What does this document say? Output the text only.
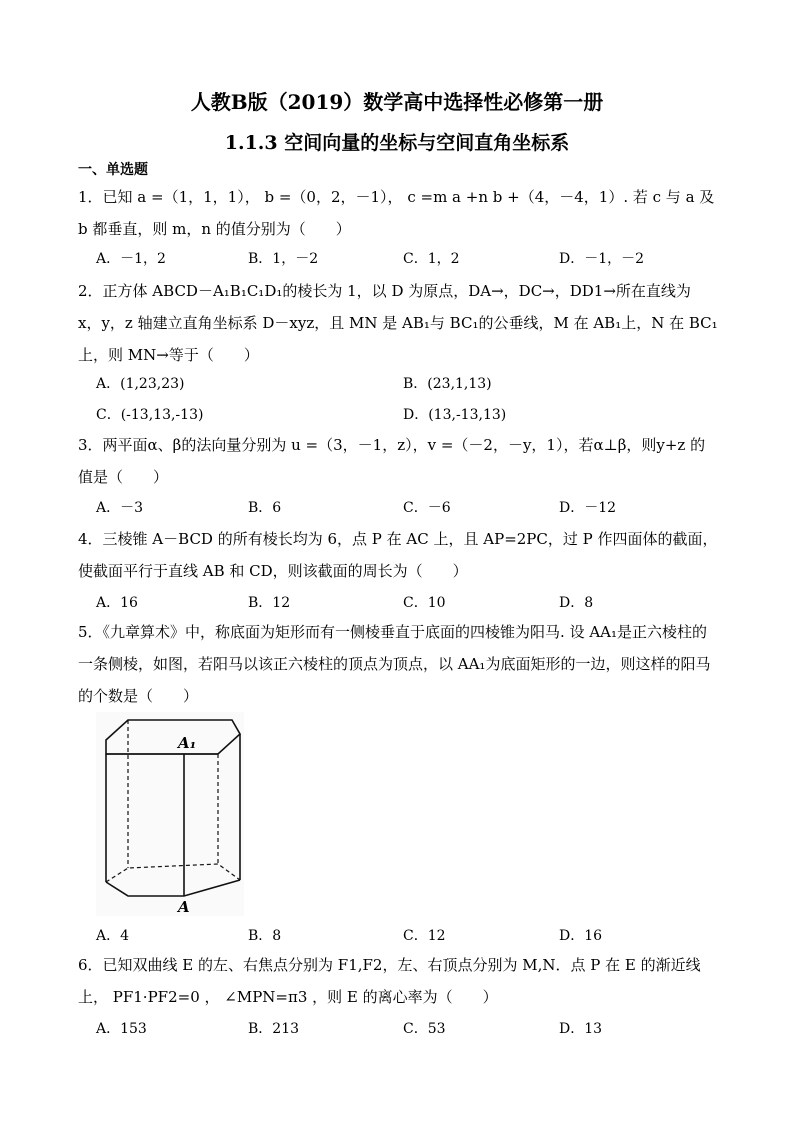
人教B版（2019）数学高中选择性必修第一册
1.1.3 空间向量的坐标与空间直角坐标系
一、单选题
1．已知 a =（1，1，1）， b =（0，2，－1）， c =m a +n b +（4，－4，1）. 若 c 与 a 及 b 都垂直，则 m，n 的值分别为（　　）
A．－1，2	B．1，－2	C．1，2	D．－1，－2
2．正方体 ABCD－A₁B₁C₁D₁的棱长为 1，以 D 为原点，DA→，DC→，DD1→所在直线为 x，y，z 轴建立直角坐标系 D－xyz，且 MN 是 AB₁与 BC₁的公垂线，M 在 AB₁上，N 在 BC₁上，则 MN→等于（　　）
A．(1,23,23)	B．(23,1,13)
C．(-13,13,-13)	D．(13,-13,13)
3．两平面α、β的法向量分别为 u =（3，－1，z），v =（－2，－y，1），若α⊥β，则y+z 的值是（　　）
A．－3	B．6	C．－6	D．－12
4．三棱锥 A－BCD 的所有棱长均为 6，点 P 在 AC 上，且 AP=2PC，过 P 作四面体的截面，使截面平行于直线 AB 和 CD，则该截面的周长为（　　）
A．16	B．12	C．10	D．8
5．《九章算术》中，称底面为矩形而有一侧棱垂直于底面的四棱锥为阳马. 设 AA₁是正六棱柱的一条侧棱，如图，若阳马以该正六棱柱的顶点为顶点，以 AA₁为底面矩形的一边，则这样的阳马的个数是（　　）
A₁
A
A．4	B．8	C．12	D．16
6．已知双曲线 E 的左、右焦点分别为 F1,F2，左、右顶点分别为 M,N．点 P 在 E 的渐近线上， PF1·PF2=0 ， ∠MPN=π3 ，则 E 的离心率为（　　）
A．153	B．213	C．53	D．13
